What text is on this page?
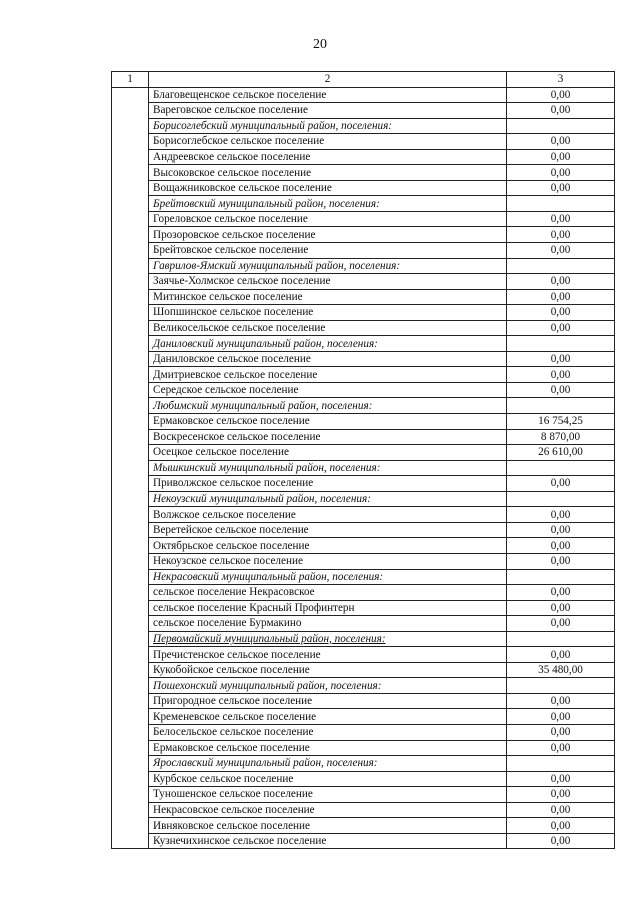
20
1	2	3
	Благовещенское сельское поселение	0,00
	Вареговское сельское поселение	0,00
	Борисоглебский муниципальный район, поселения:	
	Борисоглебское сельское поселение	0,00
	Андреевское сельское поселение	0,00
	Высоковское сельское поселение	0,00
	Вощажниковское сельское поселение	0,00
	Брейтовский муниципальный район, поселения:	
	Гореловское сельское поселение	0,00
	Прозоровское сельское поселение	0,00
	Брейтовское сельское поселение	0,00
	Гаврилов-Ямский муниципальный район, поселения:	
	Заячье-Холмское сельское поселение	0,00
	Митинское сельское поселение	0,00
	Шопшинское сельское поселение	0,00
	Великосельское сельское поселение	0,00
	Даниловский муниципальный район, поселения:	
	Даниловское сельское поселение	0,00
	Дмитриевское сельское поселение	0,00
	Середское сельское поселение	0,00
	Любимский муниципальный район, поселения:	
	Ермаковское сельское поселение	16 754,25
	Воскресенское сельское поселение	8 870,00
	Осецкое сельское поселение	26 610,00
	Мышкинский муниципальный район, поселения:	
	Приволжское сельское поселение	0,00
	Некоузский муниципальный район, поселения:	
	Волжское сельское поселение	0,00
	Веретейское сельское поселение	0,00
	Октябрьское сельское поселение	0,00
	Некоузское сельское поселение	0,00
	Некрасовский муниципальный район, поселения:	
	сельское поселение Некрасовское	0,00
	сельское поселение Красный Профинтерн	0,00
	сельское поселение Бурмакино	0,00
	Первомайский муниципальный район, поселения:	
	Пречистенское сельское поселение	0,00
	Кукобойское сельское поселение	35 480,00
	Пошехонский муниципальный район, поселения:	
	Пригородное сельское поселение	0,00
	Кременевское сельское поселение	0,00
	Белосельское сельское поселение	0,00
	Ермаковское сельское поселение	0,00
	Ярославский муниципальный район, поселения:	
	Курбское сельское поселение	0,00
	Туношенское сельское поселение	0,00
	Некрасовское сельское поселение	0,00
	Ивняковское сельское поселение	0,00
	Кузнечихинское сельское поселение	0,00
